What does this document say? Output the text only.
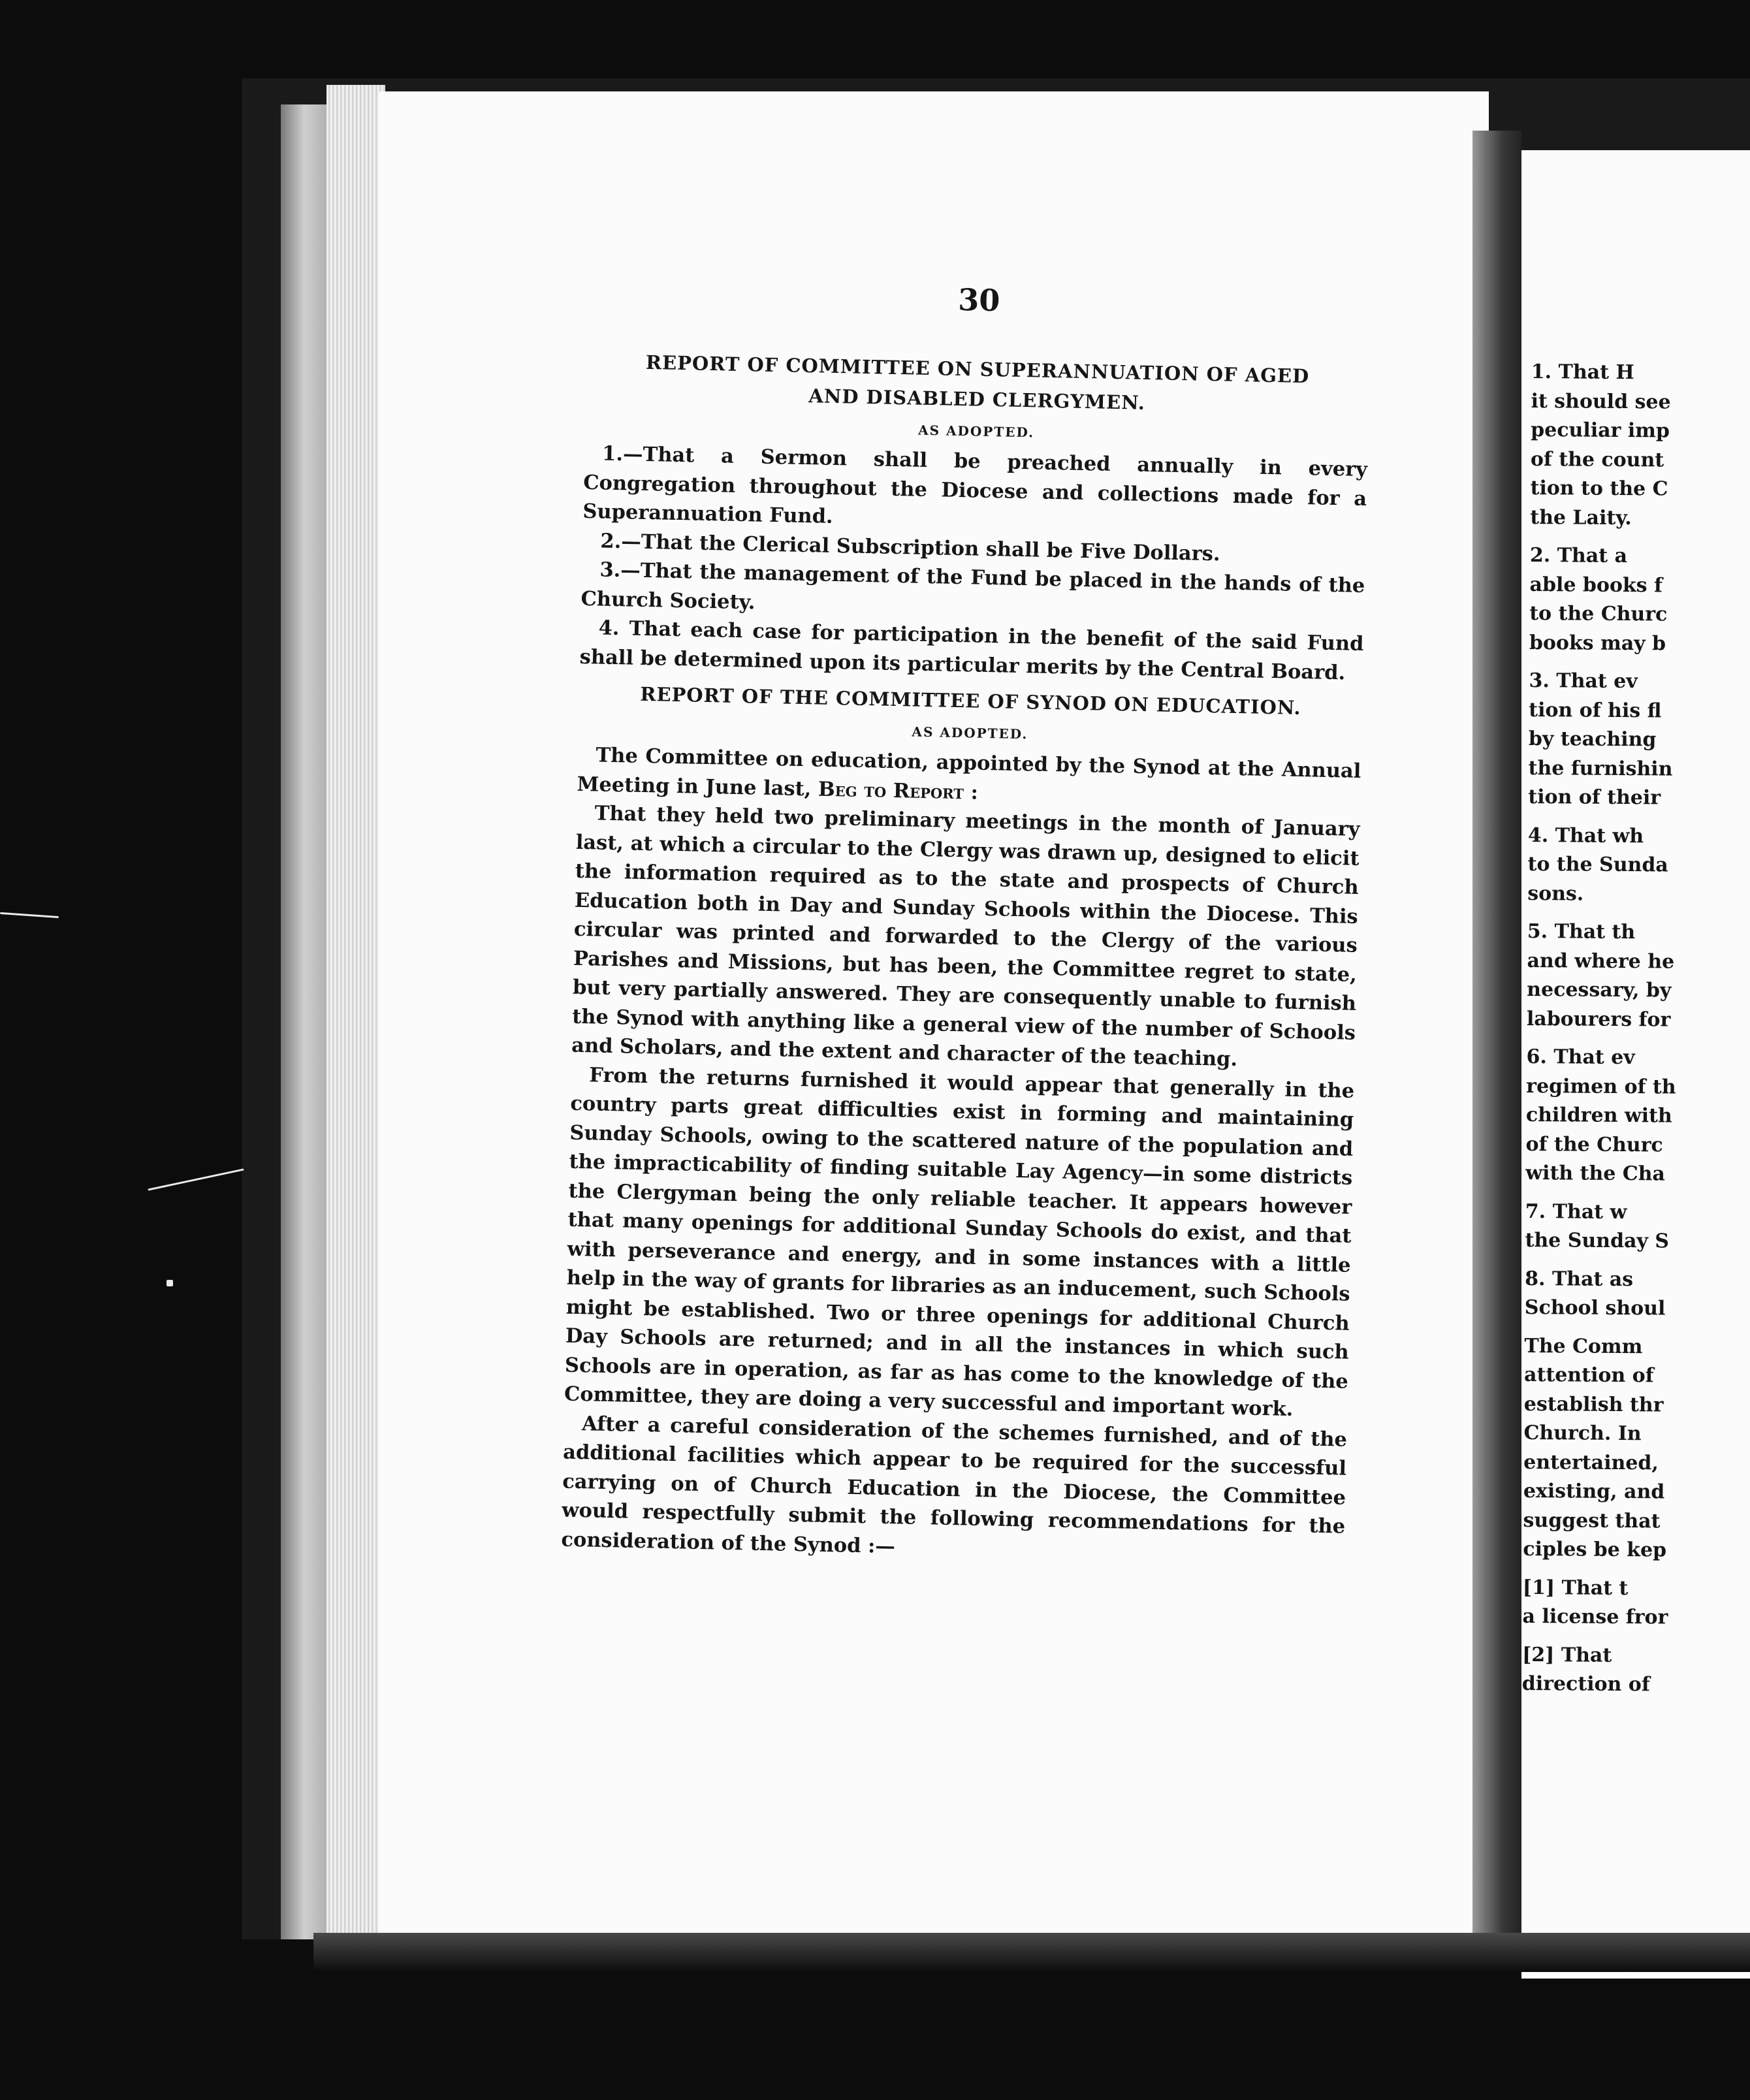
30
REPORT OF COMMITTEE ON SUPERANNUATION OF AGED
AND DISABLED CLERGYMEN.
AS ADOPTED.

1.—That a Sermon shall be preached annually in every Congregation throughout the Diocese and collections made for a Superannuation Fund.

2.—That the Clerical Subscription shall be Five Dollars.

3.—That the management of the Fund be placed in the hands of the Church Society.

4. That each case for participation in the benefit of the said Fund shall be determined upon its particular merits by the Central Board.

REPORT OF THE COMMITTEE OF SYNOD ON EDUCATION.
AS ADOPTED.

The Committee on education, appointed by the Synod at the Annual Meeting in June last, Beg to Report :

That they held two preliminary meetings in the month of January last, at which a circular to the Clergy was drawn up, designed to elicit the information required as to the state and prospects of Church Education both in Day and Sunday Schools within the Diocese. This circular was printed and forwarded to the Clergy of the various Parishes and Missions, but has been, the Committee regret to state, but very partially answered. They are consequently unable to furnish the Synod with anything like a general view of the number of Schools and Scholars, and the extent and character of the teaching.

From the returns furnished it would appear that generally in the country parts great difficulties exist in forming and maintaining Sunday Schools, owing to the scattered nature of the population and the impracticability of finding suitable Lay Agency—in some districts the Clergyman being the only reliable teacher. It appears however that many openings for additional Sunday Schools do exist, and that with perseverance and energy, and in some instances with a little help in the way of grants for libraries as an inducement, such Schools might be established. Two or three openings for additional Church Day Schools are returned; and in all the instances in which such Schools are in operation, as far as has come to the knowledge of the Committee, they are doing a very successful and important work.

After a careful consideration of the schemes furnished, and of the additional facilities which appear to be required for the successful carrying on of Church Education in the Diocese, the Committee would respectfully submit the following recommendations for the consideration of the Synod :—

1. That H
it should see
peculiar imp
of the count
tion to the C
the Laity.
2. That a
able books f
to the Churc
books may b
3. That ev
tion of his fl
by teaching
the furnishin
tion of their
4. That wh
to the Sunda
sons.
5. That th
and where he
necessary, by
labourers for
6. That ev
regimen of th
children with
of the Churc
with the Cha
7. That w
the Sunday S
8. That as
School shoul
The Comm
attention of
establish thr
Church. In
entertained,
existing, and
suggest that
ciples be kep
[1] That t
a license fror
[2] That
direction of
